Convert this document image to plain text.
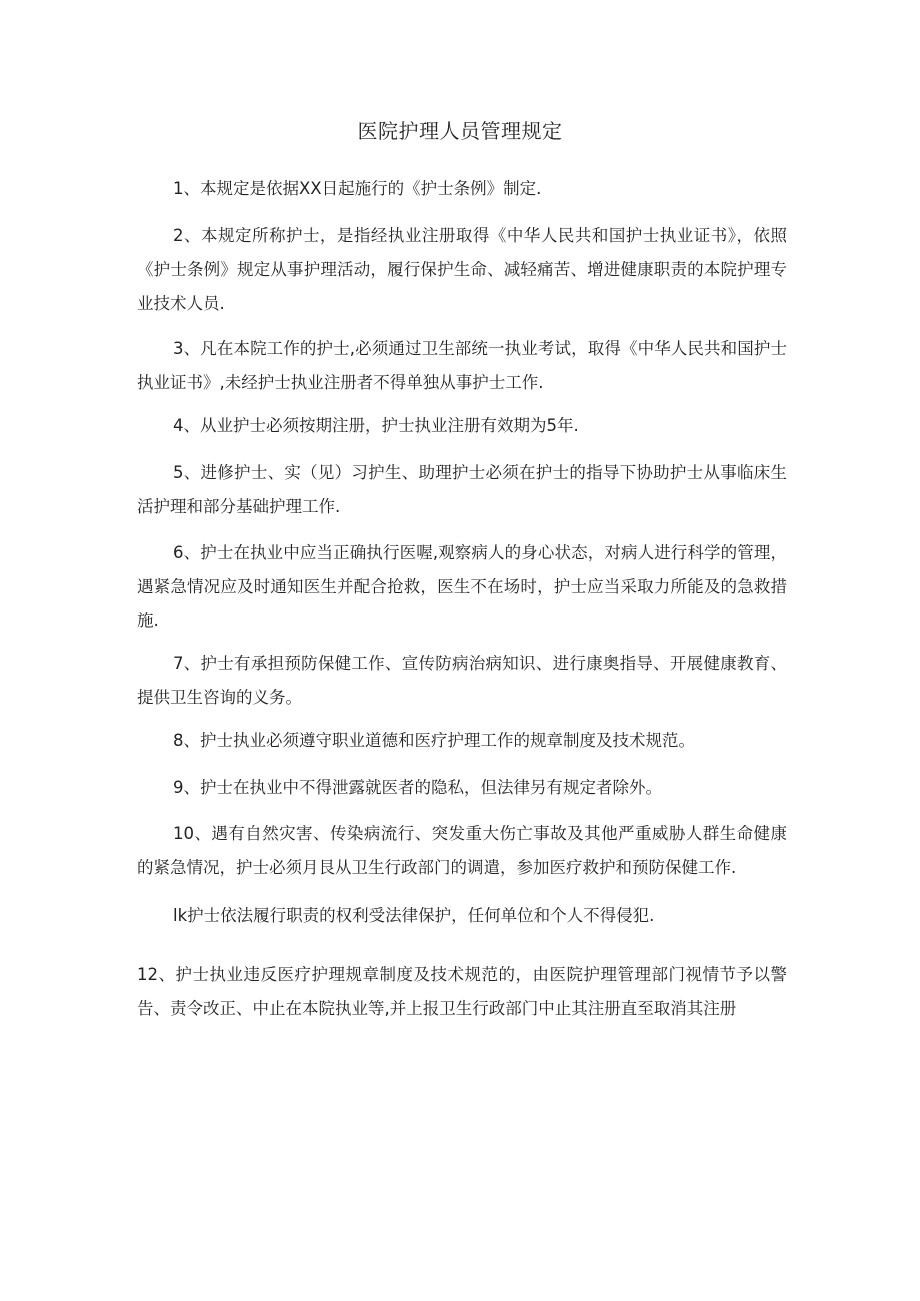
医院护理人员管理规定

1、本规定是依据XX日起施行的《护士条例》制定.

2、本规定所称护士，是指经执业注册取得《中华人民共和国护士执业证书》，依照《护士条例》规定从事护理活动，履行保护生命、减轻痛苦、增进健康职责的本院护理专业技术人员.

3、凡在本院工作的护士,必须通过卫生部统一执业考试，取得《中华人民共和国护士执业证书》,未经护士执业注册者不得单独从事护士工作.

4、从业护士必须按期注册，护士执业注册有效期为5年.

5、进修护士、实（见）习护生、助理护士必须在护士的指导下协助护士从事临床生活护理和部分基础护理工作.

6、护士在执业中应当正确执行医喔,观察病人的身心状态，对病人进行科学的管理，遇紧急情况应及时通知医生并配合抢救，医生不在场时，护士应当采取力所能及的急救措施.

7、护士有承担预防保健工作、宣传防病治病知识、进行康奥指导、开展健康教育、提供卫生咨询的义务。

8、护士执业必须遵守职业道德和医疗护理工作的规章制度及技术规范。

9、护士在执业中不得泄露就医者的隐私，但法律另有规定者除外。

10、遇有自然灾害、传染病流行、突发重大伤亡事故及其他严重威胁人群生命健康的紧急情况，护士必须月艮从卫生行政部门的调遣，参加医疗救护和预防保健工作.

lk护士依法履行职责的权利受法律保护，任何单位和个人不得侵犯.

12、护士执业违反医疗护理规章制度及技术规范的，由医院护理管理部门视情节予以警告、责令改正、中止在本院执业等,并上报卫生行政部门中止其注册直至取消其注册
